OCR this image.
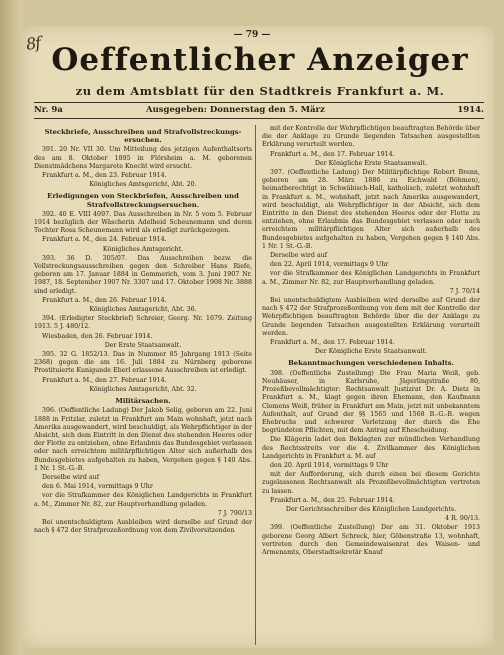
8f	— 79 —
Oeffentlicher Anzeiger
zu dem Amtsblatt für den Stadtkreis Frankfurt a. M.
Nr. 9a	Ausgegeben: Donnerstag den 5. März	1914.

Steckbriefe, Ausschreiben und Strafvollstreckungs-ersuchen.

391. 20 Nr. VII 30. Um Mitteilung des jetzigen Aufenthaltsorts des am 8. Oktober 1895 in Flörsheim a. M. geborenen Dienstmädchens Margarete Knecht wird ersucht.

Frankfurt a. M., den 23. Februar 1914.

Königliches Amtsgericht, Abt. 20.

Erledigungen von Steckbriefen, Ausschreiben und Strafvollstreckungsersuchen.

392. 40 E. VIII 4097. Das Ausschreiben in Nr. 5 vom 5. Februar 1914 bezüglich der Wäscherin Adelheid Scheunemann und deren Tochter Rosa Scheunemann wird als erledigt zurückgezogen.

Frankfurt a. M., den 24. Februar 1914.

Königliches Amtsgericht.

393. 36 D. 305/07. Das Ausschreiben bezw. die Vollstreckungsausschreiben gegen den Schreiber Hans Riefe, geboren am 17. Januar 1884 in Gemmerich, vom 3. Juni 1907 Nr. 1987, 18. September 1907 Nr. 3307 und 17. Oktober 1908 Nr. 3888 sind erledigt.

Frankfurt a. M., den 26. Februar 1914.

Königliches Amtsgericht, Abt. 36.

394. (Erledigter Steckbrief) Schreier, Georg. Nr. 1679. Zeitung 1913. 5 J. 480/12.

Wiesbaden, den 26. Februar 1914.

Der Erste Staatsanwalt.

395. 32 G. 1852/13. Das in Nummer 85 Jahrgang 1913 (Seite 2368) gegen die am 16. Juli 1884 zu Nürnberg geborene Prostituierte Kunigunde Eberl erlassene Ausschreiben ist erledigt.

Frankfurt a. M., den 27. Februar 1914.

Königliches Amtsgericht, Abt. 32.

Militärsachen.

396. (Oeffentliche Ladung) Der Jakob Selig, geboren am 22. Juni 1888 in Fritzlar, zuletzt in Frankfurt am Main wohnhaft, jetzt nach Amerika ausgewandert, wird beschuldigt, als Wehrpflichtiger in der Absicht, sich dem Eintritt in den Dienst des stehenden Heeres oder der Flotte zu entziehen, ohne Erlaubnis das Bundesgebiet verlassen oder nach erreichtem militärpflichtigen Alter sich außerhalb des Bundesgebietes aufgehalten zu haben, Vergehen gegen § 140 Abs. 1 Nr. 1 St.-G.-B.

Derselbe wird auf

den 6. Mai 1914, vormittags 9 Uhr

vor die Strafkammer des Königlichen Landgerichts in Frankfurt a. M., Zimmer Nr. 82, zur Hauptverhandlung geladen.

7 J. 790/13

Bei unentschuldigtem Ausbleiben wird derselbe auf Grund der nach § 472 der Strafprozeßordnung von dem Zivilvorsitzenden

mit der Kontrolle der Wehrpflichtigen beauftragten Behörde über die der Anklage zu Grunde liegenden Tatsachen ausgestellten Erklärung verurteilt werden.

Frankfurt a. M., den 17. Februar 1914.

Der Königliche Erste Staatsanwalt.

397. (Oeffentliche Ladung) Der Militärpflichtige Robert Brenn, geboren am 28. März 1886 zu Eichwald (Böhmen), heimatberechtigt in Schwäbisch-Hall, katholisch, zuletzt wohnhaft in Frankfurt a. M., wohnhaft, jetzt nach Amerika ausgewandert, wird beschuldigt, als Wehrpflichtiger in der Absicht, sich dem Eintritte in den Dienst des stehenden Heeres oder der Flotte zu entziehen, ohne Erlaubnis das Bundesgebiet verlassen oder nach erreichtem militärpflichtigen Alter sich außerhalb des Bundesgebietes aufgehalten zu haben, Vergehen gegen § 140 Abs. 1 Nr. 1 St.-G.-B.

Derselbe wird auf

den 22. April 1914, vormittags 9 Uhr

vor die Strafkammer des Königlichen Landgerichts in Frankfurt a. M., Zimmer Nr. 82, zur Hauptverhandlung geladen.

7 J. 70/14

Bei unentschuldigtem Ausbleiben wird derselbe auf Grund der nach § 472 der Strafprozeßordnung von dem mit der Kontrolle der Wehrpflichtigen beauftragten Behörde über die der Anklage zu Grunde liegenden Tatsachen ausgestellten Erklärung verurteilt werden.

Frankfurt a. M., den 17. Februar 1914.

Der Königliche Erste Staatsanwalt.

Bekanntmachungen verschiedenen Inhalts.

398. (Oeffentliche Zustellung) Die Frau Maria Weiß, geb. Neuhäuser, in Karlsruhe, Jägerlingstraße 80, Prozeßbevollmächtigter: Rechtsanwalt Justizrat Dr. A. Dietz in Frankfurt a. M., klagt gegen ihren Ehemann, den Kaufmann Clemens Weiß, früher in Frankfurt am Main, jetzt mit unbekanntem Aufenthalt, auf Grund der §§ 1565 und 1568 B.-G.-B. wegen Ehebruchs und schwerer Verletzung der durch die Ehe begründeten Pflichten, mit dem Antrag auf Ehescheidung.

Die Klägerin ladet den Beklagten zur mündlichen Verhandlung des Rechtsstreits vor die 4. Zivilkammer des Königlichen Landgerichts in Frankfurt a. M. auf

den 20. April 1914, vormittags 9 Uhr

mit der Aufforderung, sich durch einen bei diesem Gerichte zugelassenen Rechtsanwalt als Prozeßbevollmächtigten vertreten zu lassen.

Frankfurt a. M., den 25. Februar 1914.

Der Gerichtsschreiber des Königlichen Landgerichts.

4 R. 90/13.

399. (Oeffentliche Zustellung) Der am 31. Oktober 1913 geborene Georg Albert Schreck, hier, Göbenstraße 13, wohnhaft, vertreten durch den Gemeindewaisenrat des Waisen- und Armenamts, Oberstadtsekretär Knauf
